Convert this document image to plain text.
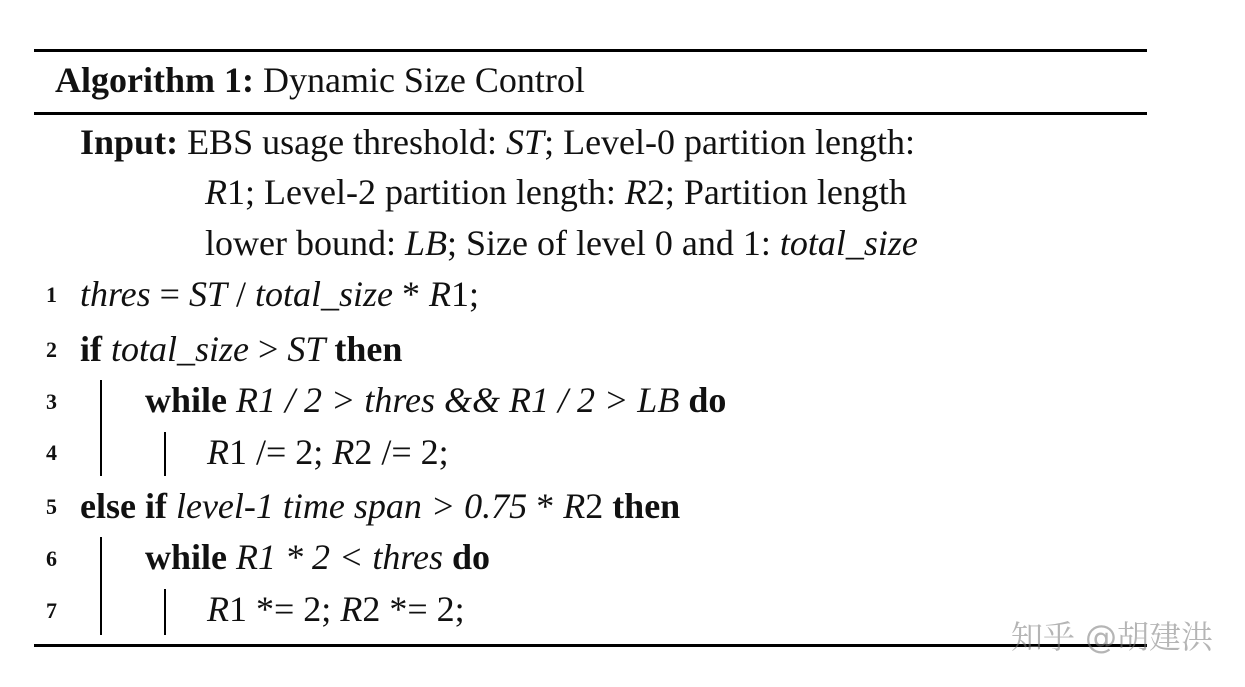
Algorithm 1: Dynamic Size Control
Input: EBS usage threshold: ST; Level-0 partition length:
R1; Level-2 partition length: R2; Partition length
lower bound: LB; Size of level 0 and 1: total_size
1
2
3
4
5
6
7
thres = ST / total_size * R1;
if total_size > ST then
while R1 / 2 > thres && R1 / 2 > LB do
R1 /= 2; R2 /= 2;
else if level-1 time span > 0.75 * R2 then
while R1 * 2 < thres do
R1 *= 2; R2 *= 2;
知乎 @胡建洪
